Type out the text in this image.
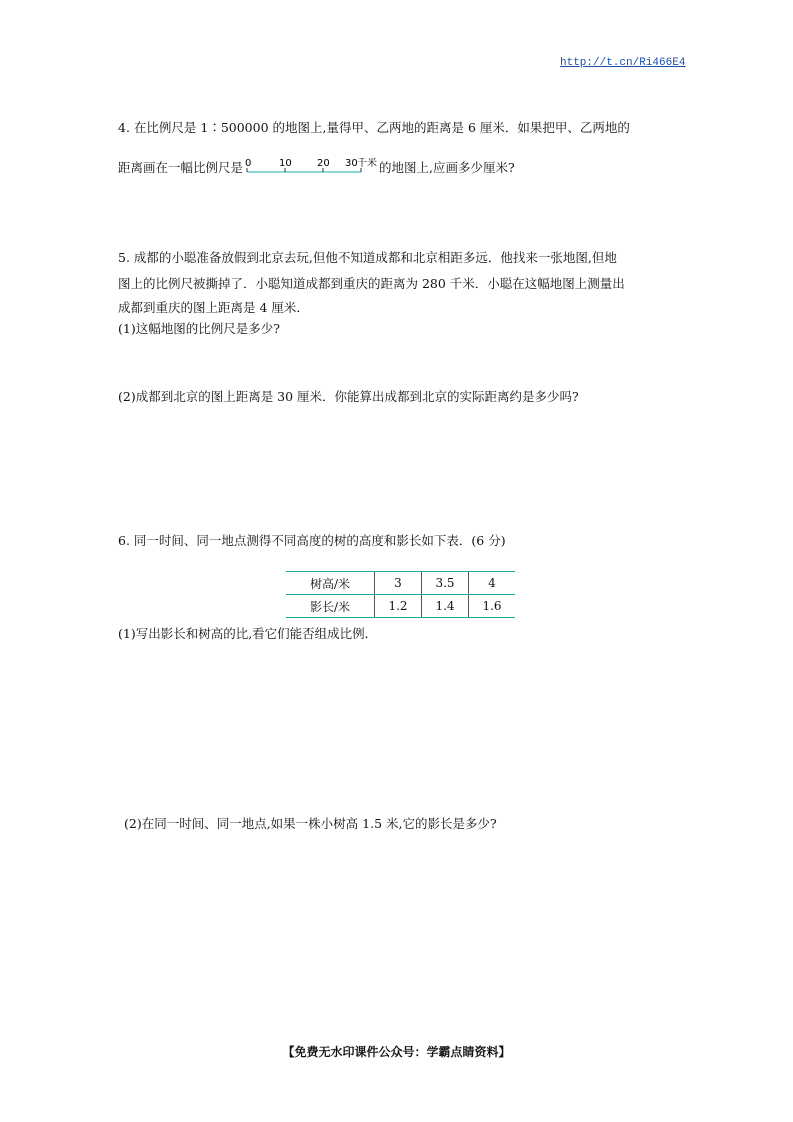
http://t.cn/Ri466E4
4. 在比例尺是 1∶500000 的地图上,量得甲、乙两地的距离是 6 厘米．如果把甲、乙两地的
距离画在一幅比例尺是 0	10	20 30 千米 的地图上,应画多少厘米?
5. 成都的小聪准备放假到北京去玩,但他不知道成都和北京相距多远．他找来一张地图,但地
图上的比例尺被撕掉了．小聪知道成都到重庆的距离为 280 千米．小聪在这幅地图上测量出
成都到重庆的图上距离是 4 厘米．
(1)这幅地图的比例尺是多少?
(2)成都到北京的图上距离是 30 厘米．你能算出成都到北京的实际距离约是多少吗?
6. 同一时间、同一地点测得不同高度的树的高度和影长如下表．(6 分)
树高/米	3	3.5	4
影长/米	1.2	1.4	1.6
(1)写出影长和树高的比,看它们能否组成比例．
(2)在同一时间、同一地点,如果一株小树高 1.5 米,它的影长是多少?
【免费无水印课件公众号：学霸点睛资料】
